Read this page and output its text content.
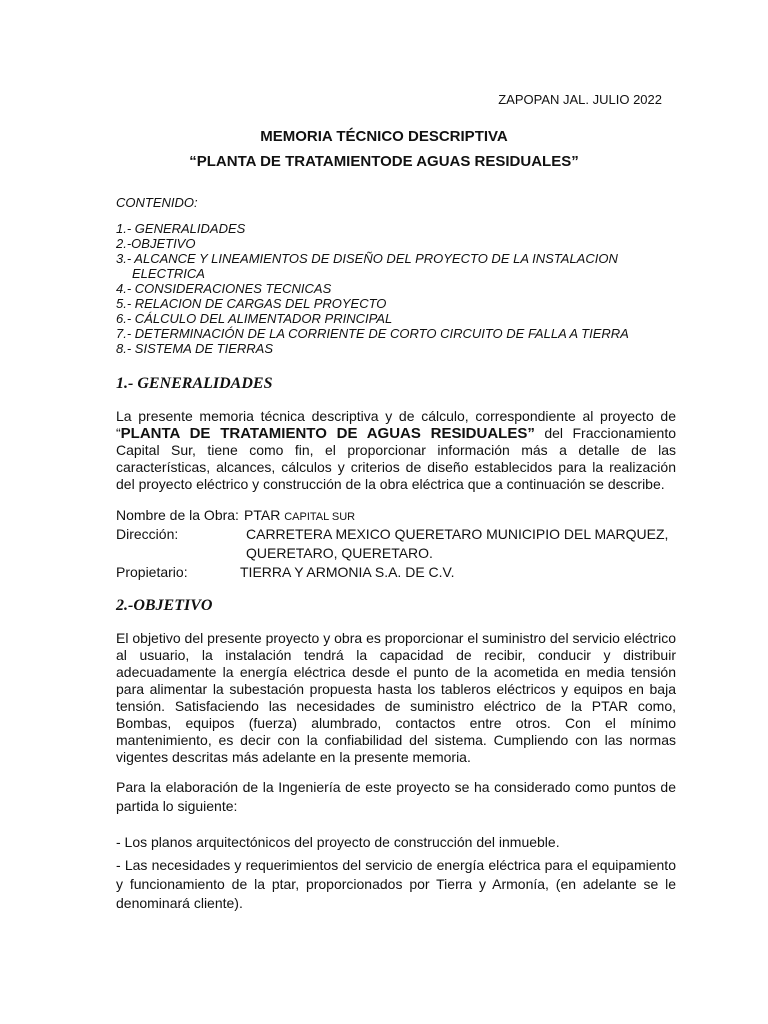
ZAPOPAN JAL. JULIO 2022
MEMORIA TÉCNICO DESCRIPTIVA
“PLANTA DE TRATAMIENTODE AGUAS RESIDUALES”
CONTENIDO:
1.- GENERALIDADES
2.-OBJETIVO
3.- ALCANCE Y LINEAMIENTOS DE DISEÑO DEL PROYECTO DE LA INSTALACION
ELECTRICA
4.- CONSIDERACIONES TECNICAS
5.- RELACION DE CARGAS DEL PROYECTO
6.- CÁLCULO DEL ALIMENTADOR PRINCIPAL
7.- DETERMINACIÓN DE LA CORRIENTE DE CORTO CIRCUITO DE FALLA A TIERRA
8.- SISTEMA DE TIERRAS
1.- GENERALIDADES
La presente memoria técnica descriptiva y de cálculo, correspondiente al proyecto de “PLANTA DE TRATAMIENTO DE AGUAS RESIDUALES” del Fraccionamiento Capital Sur, tiene como fin, el proporcionar información más a detalle de las características, alcances, cálculos y criterios de diseño establecidos para la realización del proyecto eléctrico y construcción de la obra eléctrica que a continuación se describe.
Nombre de la Obra: PTAR CAPITAL SUR
Dirección:	CARRETERA MEXICO QUERETARO MUNICIPIO DEL MARQUEZ,
QUERETARO, QUERETARO.
Propietario:	TIERRA Y ARMONIA S.A. DE C.V.
2.-OBJETIVO
El objetivo del presente proyecto y obra es proporcionar el suministro del servicio eléctrico al usuario, la instalación tendrá la capacidad de recibir, conducir y distribuir adecuadamente la energía eléctrica desde el punto de la acometida en media tensión para alimentar la subestación propuesta hasta los tableros eléctricos y equipos en baja tensión. Satisfaciendo las necesidades de suministro eléctrico de la PTAR como, Bombas, equipos (fuerza) alumbrado, contactos entre otros. Con el mínimo mantenimiento, es decir con la confiabilidad del sistema. Cumpliendo con las normas vigentes descritas más adelante en la presente memoria.
Para la elaboración de la Ingeniería de este proyecto se ha considerado como puntos de partida lo siguiente:

- Los planos arquitectónicos del proyecto de construcción del inmueble.

- Las necesidades y requerimientos del servicio de energía eléctrica para el equipamiento y funcionamiento de la ptar, proporcionados por Tierra y Armonía, (en adelante se le denominará cliente).
